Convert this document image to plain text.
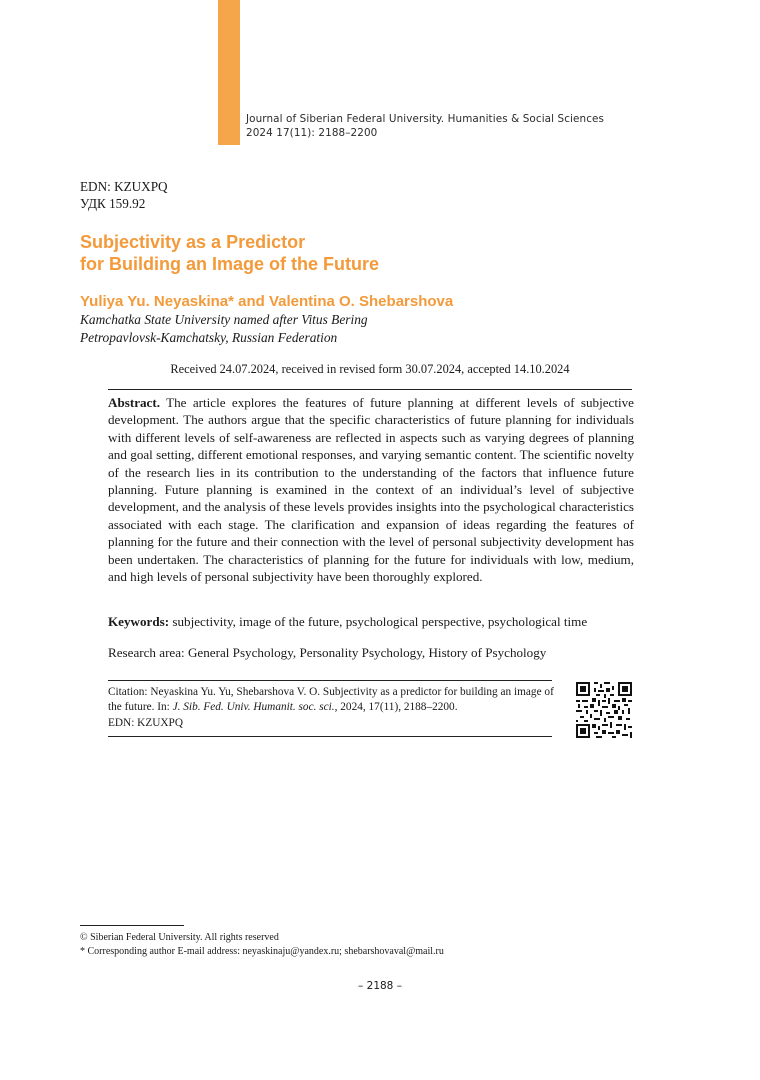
Journal of Siberian Federal University. Humanities & Social Sciences
2024 17(11): 2188–2200
EDN: KZUXPQ
УДК 159.92
Subjectivity as a Predictor
for Building an Image of the Future
Yuliya Yu. Neyaskina* and Valentina O. Shebarshova
Kamchatka State University named after Vitus Bering
Petropavlovsk-Kamchatsky, Russian Federation
Received 24.07.2024, received in revised form 30.07.2024, accepted 14.10.2024

Abstract. The article explores the features of future planning at different levels of subjective development. The authors argue that the specific characteristics of future planning for individuals with different levels of self-awareness are reflected in aspects such as varying degrees of planning and goal setting, different emotional responses, and varying semantic content. The scientific novelty of the research lies in its contribution to the understanding of the factors that influence future planning. Future planning is examined in the context of an individual’s level of subjective development, and the analysis of these levels provides insights into the psychological characteristics associated with each stage. The clarification and expansion of ideas regarding the features of planning for the future and their connection with the level of personal subjectivity development has been undertaken. The characteristics of planning for the future for individuals with low, medium, and high levels of personal subjectivity have been thoroughly explored.

Keywords: subjectivity, image of the future, psychological perspective, psychological time
Research area: General Psychology, Personality Psychology, History of Psychology

Citation: Neyaskina Yu. Yu, Shebarshova V. O. Subjectivity as a predictor for building an image of the future. In: J. Sib. Fed. Univ. Humanit. soc. sci., 2024, 17(11), 2188–2200.
EDN: KZUXPQ

© Siberian Federal University. All rights reserved
* Corresponding author E-mail address: neyaskinaju@yandex.ru; shebarshovaval@mail.ru
– 2188 –
